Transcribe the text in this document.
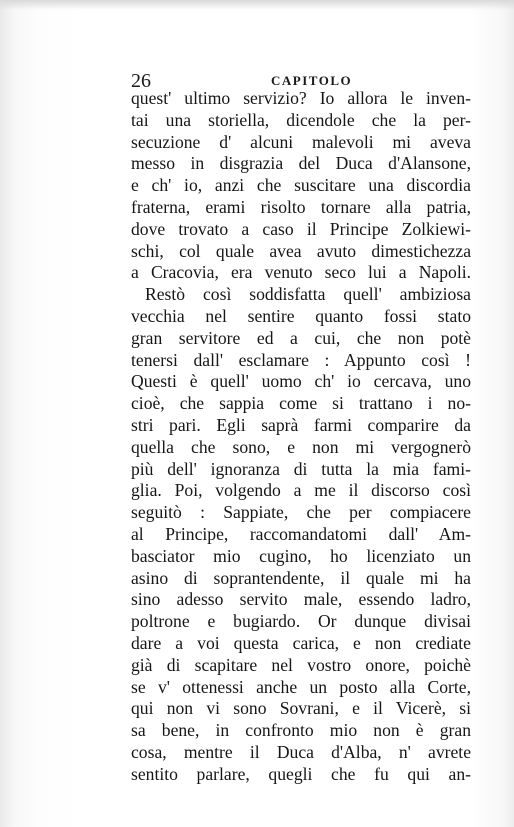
26	CAPITOLO
quest' ultimo servizio? Io allora le inven-
tai una storiella, dicendole che la per-
secuzione d' alcuni malevoli mi aveva
messo in disgrazia del Duca d'Alansone,
e ch' io, anzi che suscitare una discordia
fraterna, erami risolto tornare alla patria,
dove trovato a caso il Principe Zolkiewi-
schi, col quale avea avuto dimestichezza
a Cracovia, era venuto seco lui a Napoli.
Restò così soddisfatta quell' ambiziosa
vecchia nel sentire quanto fossi stato
gran servitore ed a cui, che non potè
tenersi dall' esclamare : Appunto così !
Questi è quell' uomo ch' io cercava, uno
cioè, che sappia come si trattano i no-
stri pari. Egli saprà farmi comparire da
quella che sono, e non mi vergognerò
più dell' ignoranza di tutta la mia fami-
glia. Poi, volgendo a me il discorso così
seguitò : Sappiate, che per compiacere
al Principe, raccomandatomi dall' Am-
basciator mio cugino, ho licenziato un
asino di soprantendente, il quale mi ha
sino adesso servito male, essendo ladro,
poltrone e bugiardo. Or dunque divisai
dare a voi questa carica, e non crediate
già di scapitare nel vostro onore, poichè
se v' ottenessi anche un posto alla Corte,
qui non vi sono Sovrani, e il Vicerè, si
sa bene, in confronto mio non è gran
cosa, mentre il Duca d'Alba, n' avrete
sentito parlare, quegli che fu qui an-
